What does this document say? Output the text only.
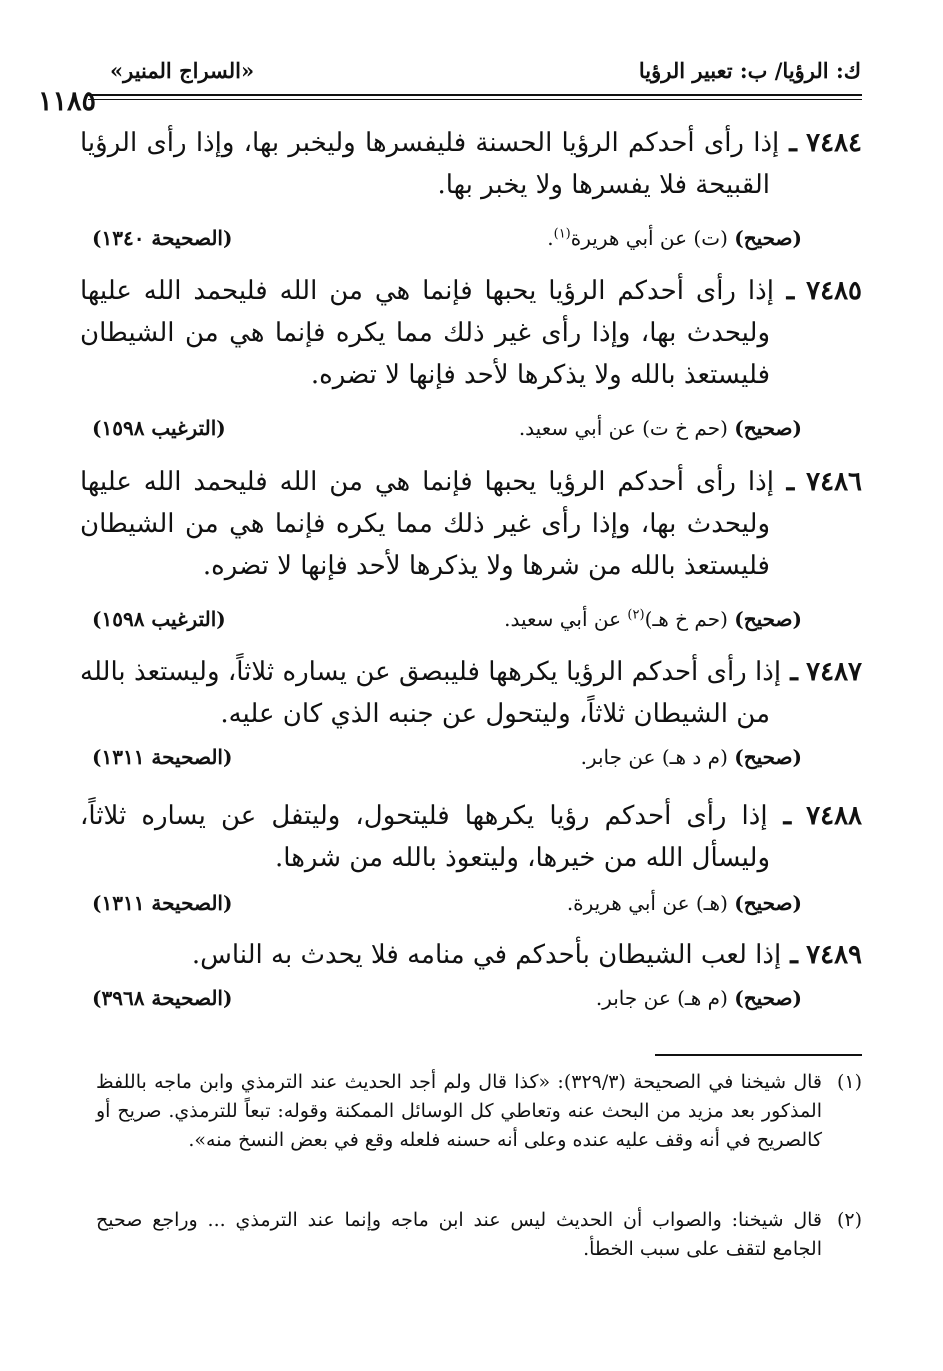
ك: الرؤيا/ ب: تعبير الرؤيا
«السراج المنير»
١١٨٥
٧٤٨٤ ـ إذا رأى أحدكم الرؤيا الحسنة فليفسرها وليخبر بها، وإذا رأى الرؤيا القبيحة فلا يفسرها ولا يخبر بها.
(صحيح) (ت) عن أبي هريرة$^{(١)}$.
(الصحيحة ١٣٤٠)
٧٤٨٥ ـ إذا رأى أحدكم الرؤيا يحبها فإنما هي من الله فليحمد الله عليها وليحدث بها، وإذا رأى غير ذلك مما يكره فإنما هي من الشيطان فليستعذ بالله ولا يذكرها لأحد فإنها لا تضره.
(صحيح) (حم خ ت) عن أبي سعيد.
(الترغيب ١٥٩٨)
٧٤٨٦ ـ إذا رأى أحدكم الرؤيا يحبها فإنما هي من الله فليحمد الله عليها وليحدث بها، وإذا رأى غير ذلك مما يكره فإنما هي من الشيطان فليستعذ بالله من شرها ولا يذكرها لأحد فإنها لا تضره.
(صحيح) (حم خ هـ)$^{(٢)}$ عن أبي سعيد.
(الترغيب ١٥٩٨)
٧٤٨٧ ـ إذا رأى أحدكم الرؤيا يكرهها فليبصق عن يساره ثلاثاً، وليستعذ بالله من الشيطان ثلاثاً، وليتحول عن جنبه الذي كان عليه.
(صحيح) (م د هـ) عن جابر.
(الصحيحة ١٣١١)
٧٤٨٨ ـ إذا رأى أحدكم رؤيا يكرهها فليتحول، وليتفل عن يساره ثلاثاً، وليسأل الله من خيرها، وليتعوذ بالله من شرها.
(صحيح) (هـ) عن أبي هريرة.
(الصحيحة ١٣١١)
٧٤٨٩ ـ إذا لعب الشيطان بأحدكم في منامه فلا يحدث به الناس.
(صحيح) (م هـ) عن جابر.
(الصحيحة ٣٩٦٨)
(١)
قال شيخنا في الصحيحة (٣٢٩/٣): «كذا قال ولم أجد الحديث عند الترمذي وابن ماجه باللفظ المذكور بعد مزيد من البحث عنه وتعاطي كل الوسائل الممكنة وقوله: تبعاً للترمذي. صريح أو كالصريح في أنه وقف عليه عنده وعلى أنه حسنه فلعله وقع في بعض النسخ منه».
(٢)
قال شيخنا: والصواب أن الحديث ليس عند ابن ماجه وإنما عند الترمذي ... وراجع صحيح الجامع لتقف على سبب الخطأ.
